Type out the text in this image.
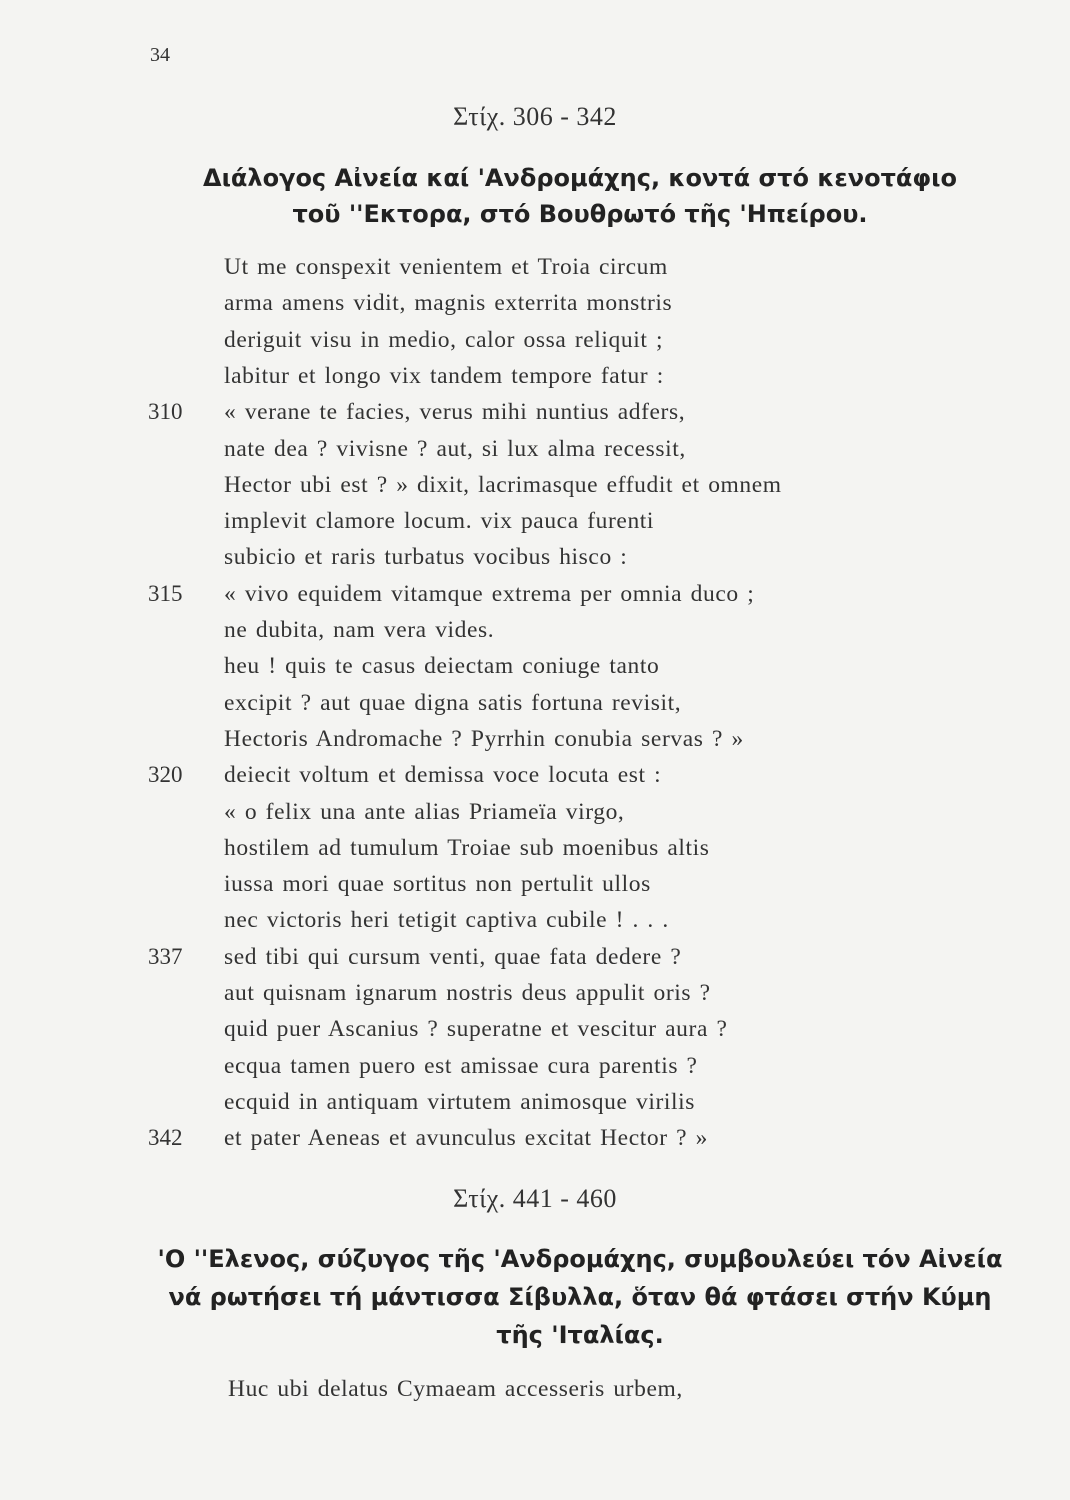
34
Στίχ. 306 - 342
Διάλογος Αἰνεία καί 'Ανδρομάχης, κοντά στό κενοτάφιο
τοῦ ''Εκτορα, στό Βουθρωτό τῆς 'Ηπείρου.
Ut me conspexit venientem et Troia circum
arma amens vidit, magnis exterrita monstris
deriguit visu in medio, calor ossa reliquit ;
labitur et longo vix tandem tempore fatur :
310	« verane te facies, verus mihi nuntius adfers,
nate dea ? vivisne ? aut, si lux alma recessit,
Hector ubi est ? » dixit, lacrimasque effudit et omnem
implevit clamore locum. vix pauca furenti
subicio et raris turbatus vocibus hisco :
315	« vivo equidem vitamque extrema per omnia duco ;
ne dubita, nam vera vides.
heu ! quis te casus deiectam coniuge tanto
excipit ? aut quae digna satis fortuna revisit,
Hectoris Andromache ? Pyrrhin conubia servas ? »
320	deiecit voltum et demissa voce locuta est :
« o felix una ante alias Priameïa virgo,
hostilem ad tumulum Troiae sub moenibus altis
iussa mori quae sortitus non pertulit ullos
nec victoris heri tetigit captiva cubile ! . . .
337	sed tibi qui cursum venti, quae fata dedere ?
aut quisnam ignarum nostris deus appulit oris ?
quid puer Ascanius ? superatne et vescitur aura ?
ecqua tamen puero est amissae cura parentis ?
ecquid in antiquam virtutem animosque virilis
342	et pater Aeneas et avunculus excitat Hector ? »
Στίχ. 441 - 460
'Ο ''Ελενος, σύζυγος τῆς 'Ανδρομάχης, συμβουλεύει τόν Αἰνεία
νά ρωτήσει τή μάντισσα Σίβυλλα, ὅταν θά φτάσει στήν Κύμη
τῆς 'Ιταλίας.
Huc ubi delatus Cymaeam accesseris urbem,
